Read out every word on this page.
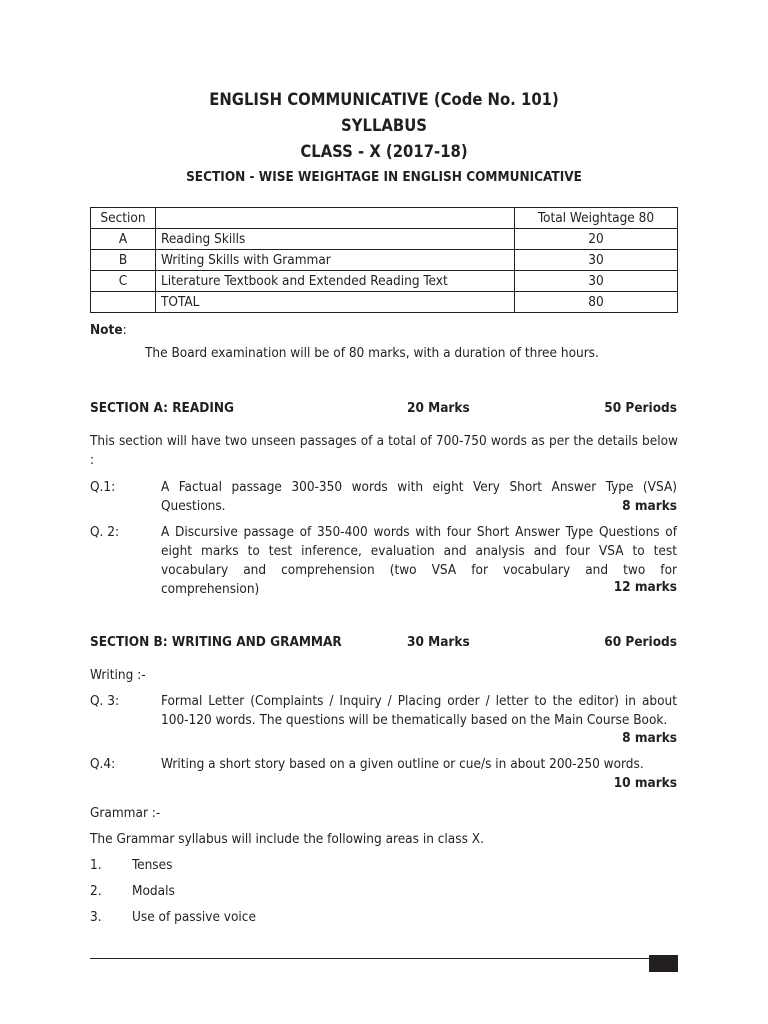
ENGLISH COMMUNICATIVE (Code No. 101)
SYLLABUS
CLASS - X (2017-18)
SECTION - WISE WEIGHTAGE IN ENGLISH COMMUNICATIVE
Section		Total Weightage 80
A	Reading Skills	20
B	Writing Skills with Grammar	30
C	Literature Textbook and Extended Reading Text	30
	TOTAL	80
Note:
The Board examination will be of 80 marks, with a duration of three hours.
SECTION A: READING	20 Marks	50 Periods
This section will have two unseen passages of a total of 700-750 words as per the details below :
Q.1:	A Factual passage 300-350 words with eight Very Short Answer Type (VSA) Questions.	8 marks
Q. 2:	A Discursive passage of 350-400 words with four Short Answer Type Questions of eight marks to test inference, evaluation and analysis and four VSA to test vocabulary and comprehension (two VSA for vocabulary and two for comprehension)	12 marks
SECTION B: WRITING AND GRAMMAR	30 Marks	60 Periods
Writing :-
Q. 3:	Formal Letter (Complaints / Inquiry / Placing order / letter to the editor) in about 100-120 words. The questions will be thematically based on the Main Course Book.
8 marks
Q.4:	Writing a short story based on a given outline or cue/s in about 200-250 words.
10 marks
Grammar :-
The Grammar syllabus will include the following areas in class X.
1. Tenses
2. Modals
3. Use of passive voice
